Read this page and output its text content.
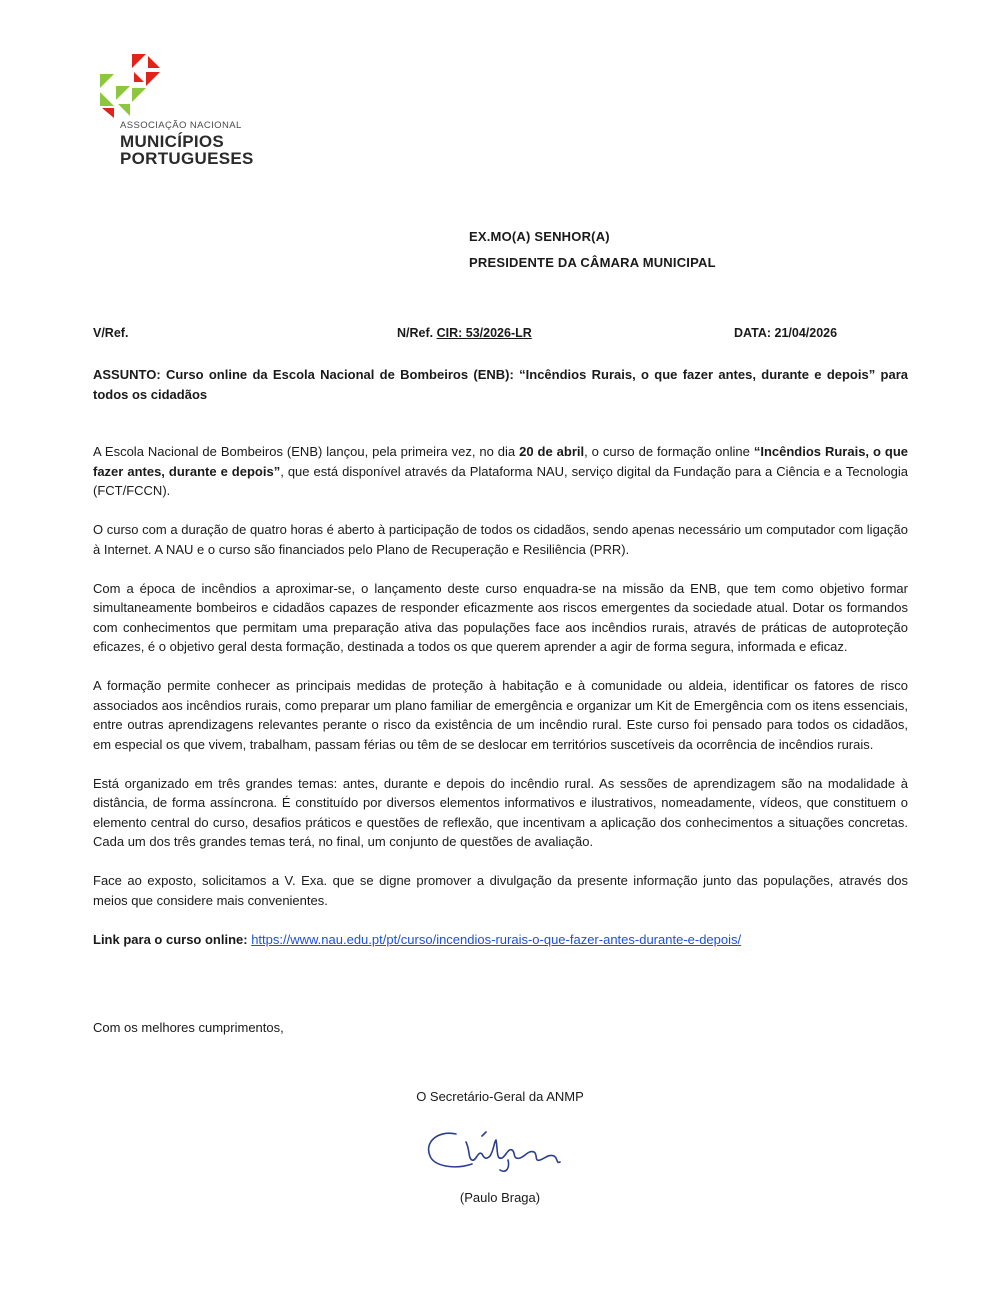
ASSOCIAÇÃO NACIONAL
MUNICÍPIOS
PORTUGUESES
EX.MO(A) SENHOR(A)
PRESIDENTE DA CÂMARA MUNICIPAL
V/Ref.	N/Ref. CIR: 53/2026-LR	DATA: 21/04/2026
ASSUNTO: Curso online da Escola Nacional de Bombeiros (ENB): “Incêndios Rurais, o que fazer antes, durante e depois” para todos os cidadãos

A Escola Nacional de Bombeiros (ENB) lançou, pela primeira vez, no dia 20 de abril, o curso de formação online “Incêndios Rurais, o que fazer antes, durante e depois”, que está disponível através da Plataforma NAU, serviço digital da Fundação para a Ciência e a Tecnologia (FCT/FCCN).

O curso com a duração de quatro horas é aberto à participação de todos os cidadãos, sendo apenas necessário um computador com ligação à Internet. A NAU e o curso são financiados pelo Plano de Recuperação e Resiliência (PRR).

Com a época de incêndios a aproximar-se, o lançamento deste curso enquadra-se na missão da ENB, que tem como objetivo formar simultaneamente bombeiros e cidadãos capazes de responder eficazmente aos riscos emergentes da sociedade atual. Dotar os formandos com conhecimentos que permitam uma preparação ativa das populações face aos incêndios rurais, através de práticas de autoproteção eficazes, é o objetivo geral desta formação, destinada a todos os que querem aprender a agir de forma segura, informada e eficaz.

A formação permite conhecer as principais medidas de proteção à habitação e à comunidade ou aldeia, identificar os fatores de risco associados aos incêndios rurais, como preparar um plano familiar de emergência e organizar um Kit de Emergência com os itens essenciais, entre outras aprendizagens relevantes perante o risco da existência de um incêndio rural. Este curso foi pensado para todos os cidadãos, em especial os que vivem, trabalham, passam férias ou têm de se deslocar em territórios suscetíveis da ocorrência de incêndios rurais.

Está organizado em três grandes temas: antes, durante e depois do incêndio rural. As sessões de aprendizagem são na modalidade à distância, de forma assíncrona. É constituído por diversos elementos informativos e ilustrativos, nomeadamente, vídeos, que constituem o elemento central do curso, desafios práticos e questões de reflexão, que incentivam a aplicação dos conhecimentos a situações concretas. Cada um dos três grandes temas terá, no final, um conjunto de questões de avaliação.

Face ao exposto, solicitamos a V. Exa. que se digne promover a divulgação da presente informação junto das populações, através dos meios que considere mais convenientes.

Link para o curso online: https://www.nau.edu.pt/pt/curso/incendios-rurais-o-que-fazer-antes-durante-e-depois/

Com os melhores cumprimentos,
O Secretário-Geral da ANMP
(Paulo Braga)
